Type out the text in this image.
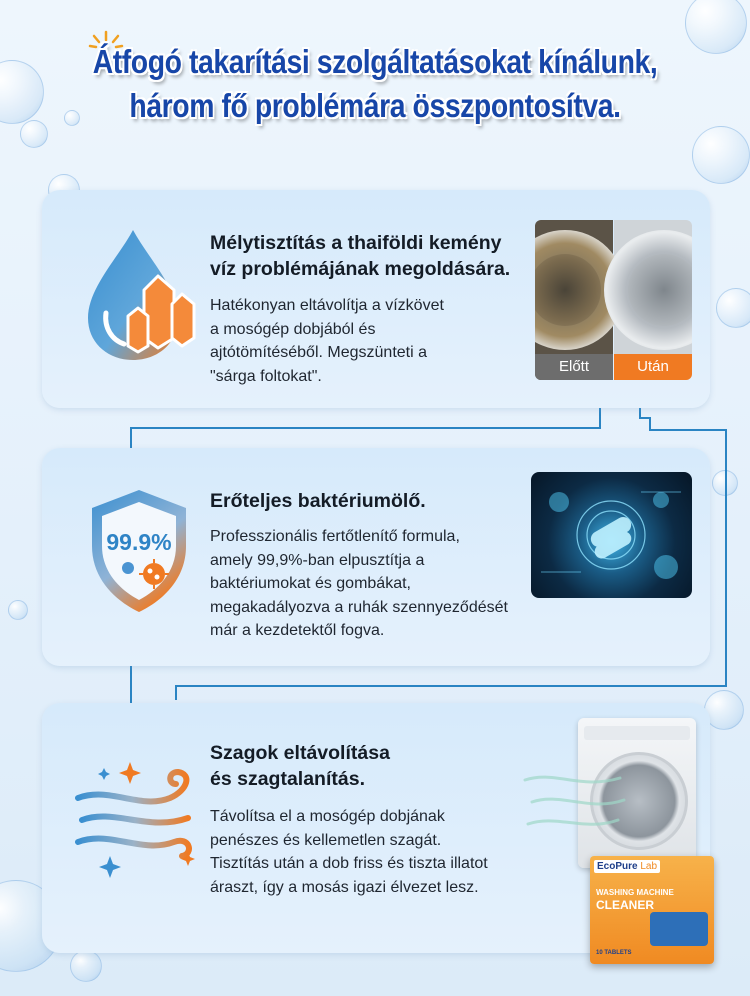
Átfogó takarítási szolgáltatásokat kínálunk,
három fő problémára összpontosítva.
Mélytisztítás a thaiföldi kemény
víz problémájának megoldására.
Hatékonyan eltávolítja a vízkövet
a mosógép dobjából és
ajtótömítéséből. Megszünteti a
"sárga foltokat".
Előtt	Után
99.9%
Erőteljes baktériumölő.
Professzionális fertőtlenítő formula,
amely 99,9%-ban elpusztítja a
baktériumokat és gombákat,
megakadályozva a ruhák szennyeződését
már a kezdetektől fogva.
Szagok eltávolítása
és szagtalanítás.
Távolítsa el a mosógép dobjának
penészes és kellemetlen szagát.
Tisztítás után a dob friss és tiszta illatot
áraszt, így a mosás igazi élvezet lesz.
EcoPure Lab
WASHING MACHINE
CLEANER
10 TABLETS
